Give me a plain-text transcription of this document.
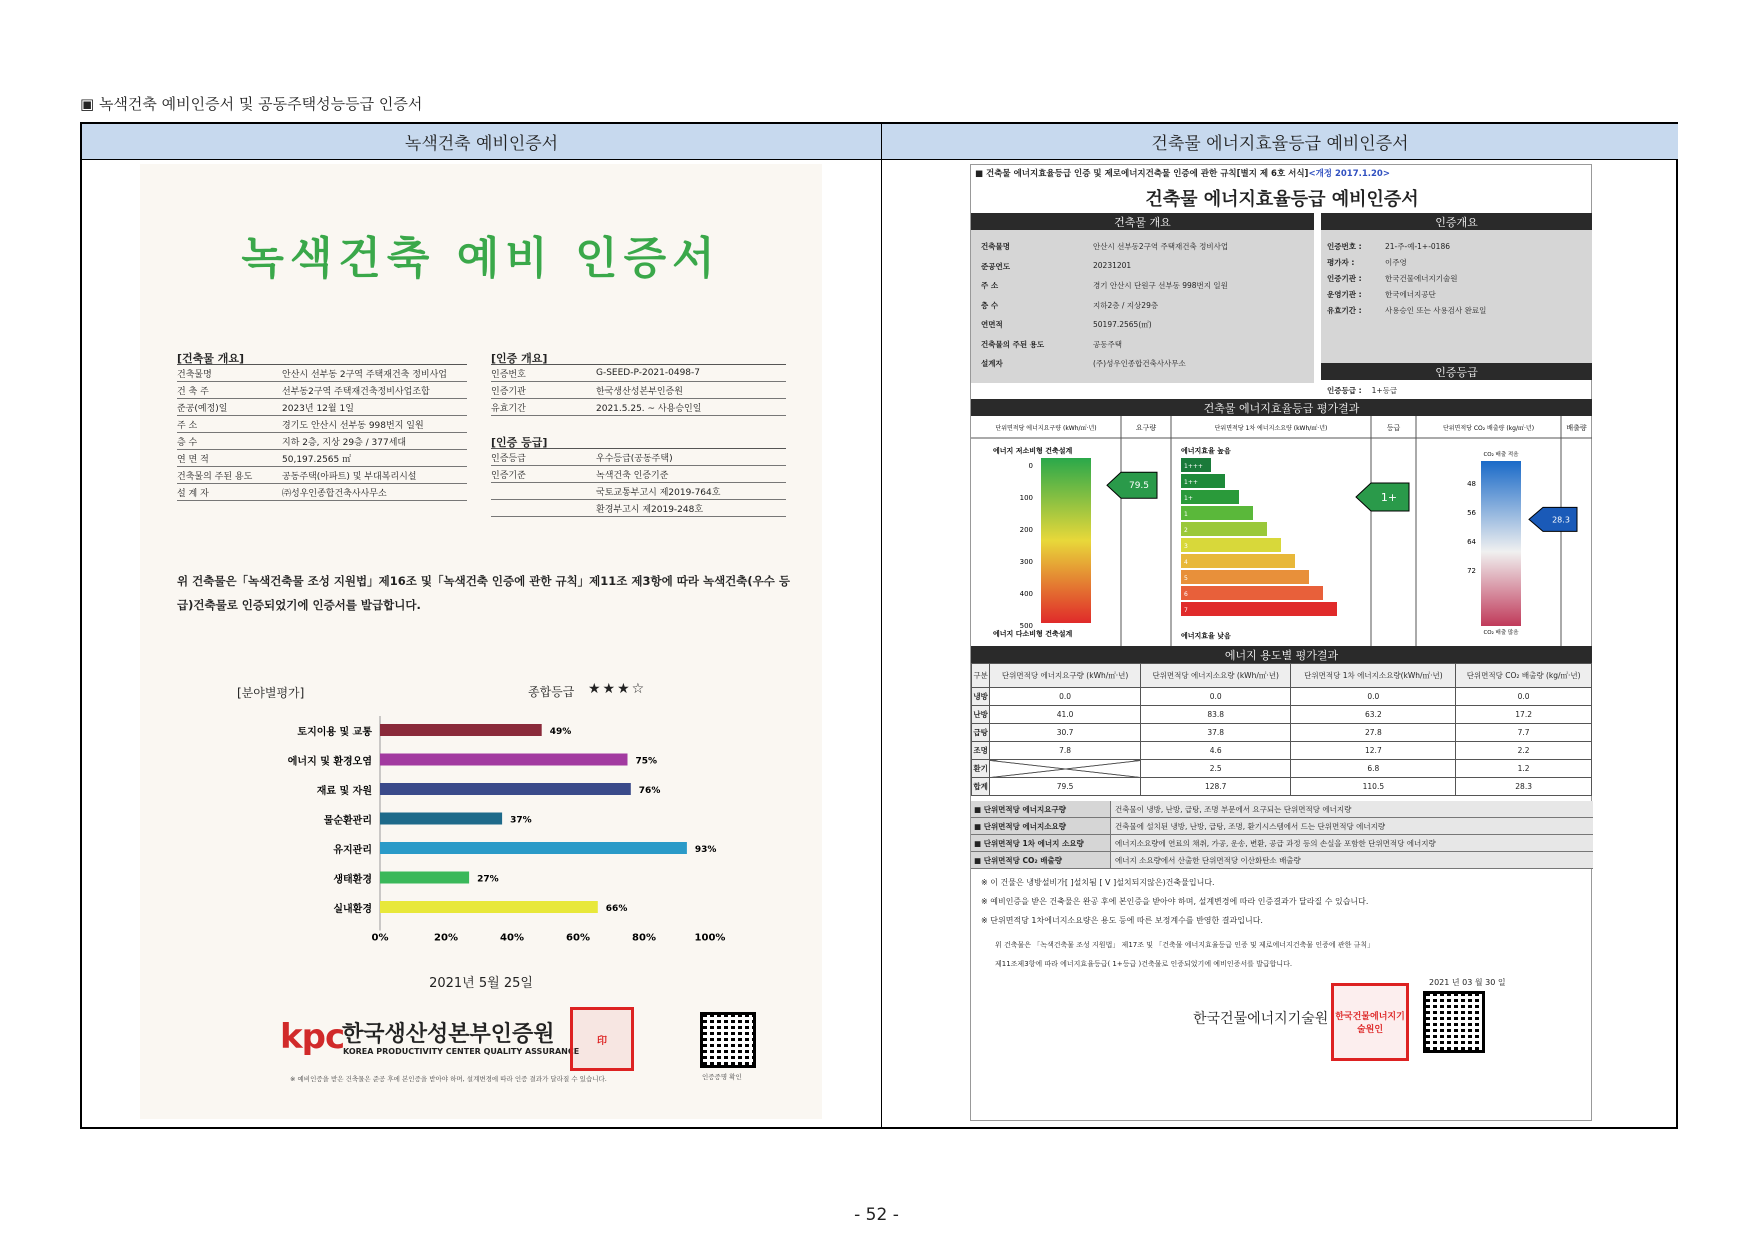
▣ 녹색건축 예비인증서 및 공동주택성능등급 인증서
녹색건축 예비인증서	건축물 에너지효율등급 예비인증서
녹색건축 예비 인증서
[건축물 개요]
건축물명	안산시 선부동 2구역 주택재건축 정비사업
건 축 주	선부동2구역 주택재건축정비사업조합
준공(예정)일	2023년 12월 1일
주 소	경기도 안산시 선부동 998번지 일원
층 수	지하 2층, 지상 29층 / 377세대
연 면 적	50,197.2565 ㎡
건축물의 주된 용도	공동주택(아파트) 및 부대복리시설
설 계 자	㈜성우인종합건축사사무소
[인증 개요]
인증번호	G-SEED-P-2021-0498-7
인증기관	한국생산성본부인증원
유효기간	2021.5.25. ~ 사용승인일
[인증 등급]
인증등급	우수등급(공동주택)
인증기준	녹색건축 인증기준
국토교통부고시 제2019-764호
환경부고시 제2019-248호
위 건축물은「녹색건축물 조성 지원법」제16조 및「녹색건축 인증에 관한 규칙」제11조 제3항에 따라 녹색건축(우수 등급)건축물로 인증되었기에 인증서를 발급합니다.
[분야별평가]	종합등급 ★★★☆
토지이용 및 교통	49%
에너지 및 환경오염	75%
재료 및 자원	76%
물순환관리	37%
유지관리	93%
생태환경	27%
실내환경	66%
0%	20%	40%	60%	80%	100%
2021년 5월 25일
kpc
한국생산성본부인증원
KOREA PRODUCTIVITY CENTER QUALITY ASSURANCE
印
인증증명 확인
※ 예비인증을 받은 건축물은 준공 후에 본인증을 받아야 하며, 설계변경에 따라 인증 결과가 달라질 수 있습니다.
■ 건축물 에너지효율등급 인증 및 제로에너지건축물 인증에 관한 규칙[별지 제 6호 서식]<개정 2017.1.20>
건축물 에너지효율등급 예비인증서
건축물 개요	인증개요
인증등급
인증등급 : 1+등급
건축물 에너지효율등급 평가결과
단위면적당 에너지요구량 (kWh/㎡·년)	요구량	단위면적당 1차 에너지소요량 (kWh/㎡·년)	등급	단위면적당 CO₂ 배출량 (kg/㎡·년)	배출량
에너지 저소비형 건축설계
에너지 다소비형 건축설계
0
100
200
300
400
500
79.5
에너지효율 높음
에너지효율 낮음
1+++
1++
1+
1
2
3
4
5
6
7
1+
CO₂ 배출 적음
CO₂ 배출 많음
48
56
64
72
28.3
에너지 용도별 평가결과
구분	단위면적당 에너지요구량 (kWh/㎡·년)	단위면적당 에너지소요량 (kWh/㎡·년)	단위면적당 1차 에너지소요량(kWh/㎡·년)	단위면적당 CO₂ 배출량 (kg/㎡·년)
냉방	0.0	0.0	0.0	0.0
난방	41.0	83.8	63.2	17.2
급탕	30.7	37.8	27.8	7.7
조명	7.8	4.6	12.7	2.2
환기		2.5	6.8	1.2
합계	79.5	128.7	110.5	28.3
■ 단위면적당 에너지요구량	건축물이 냉방, 난방, 급탕, 조명 부문에서 요구되는 단위면적당 에너지량
■ 단위면적당 에너지소요량	건축물에 설치된 냉방, 난방, 급탕, 조명, 환기시스템에서 드는 단위면적당 에너지량
■ 단위면적당 1차 에너지 소요량	에너지소요량에 연료의 채취, 가공, 운송, 변환, 공급 과정 등의 손실을 포함한 단위면적당 에너지량
■ 단위면적당 CO₂ 배출량	에너지 소요량에서 산출한 단위면적당 이산화탄소 배출량
※ 이 건물은 냉방설비가[ ]설치됨 [ V ]설치되지않은)건축물입니다.
※ 예비인증을 받은 건축물은 완공 후에 본인증을 받아야 하며, 설계변경에 따라 인증결과가 달라질 수 있습니다.
※ 단위면적당 1차에너지소요량은 용도 등에 따른 보정계수를 반영한 결과입니다.
위 건축물은 「녹색건축물 조성 지원법」 제17조 및 「건축물 에너지효율등급 인증 및 제로에너지건축물 인증에 관한 규칙」
제11조제3항에 따라 에너지효율등급( 1+등급 )건축물로 인증되었기에 예비인증서를 발급합니다.
2021 년 03 월 30 일
한국건물에너지기술원 한국건물에너지기술원인
건축물명	안산시 선부동2구역 주택재건축 정비사업
준공연도	20231201
주 소	경기 안산시 단원구 선부동 998번지 일원
층 수	지하2층 / 지상29층
연면적	50197.2565(㎡)
건축물의 주된 용도	공동주택
설계자	(주)성우인종합건축사사무소
인증번호 :	21-주-예-1+-0186
평가자 :	이주영
인증기관 :	한국건물에너지기술원
운영기관 :	한국에너지공단
유효기간 :	사용승인 또는 사용검사 완료일
- 52 -
